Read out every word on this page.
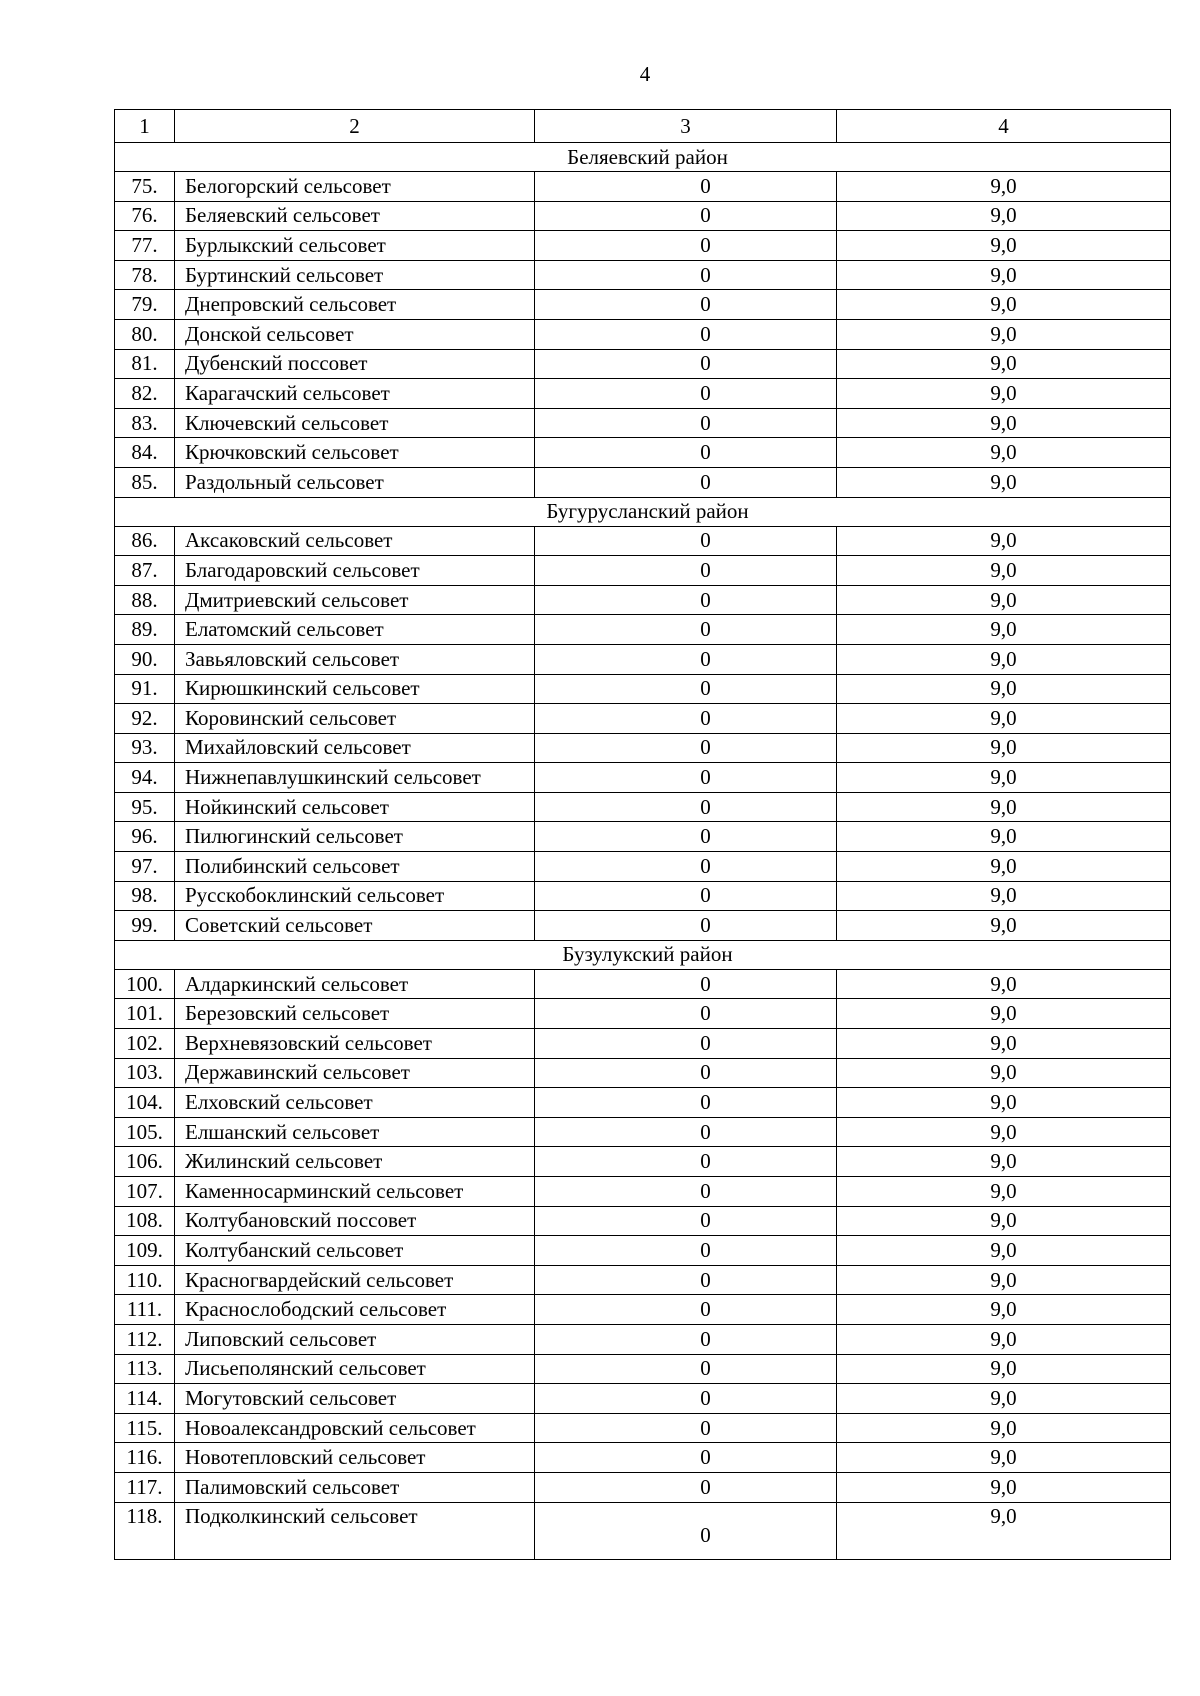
4
1	2	3	4
Беляевский район			
75.	Белогорский сельсовет	0	9,0
76.	Беляевский сельсовет	0	9,0
77.	Бурлыкский сельсовет	0	9,0
78.	Буртинский сельсовет	0	9,0
79.	Днепровский сельсовет	0	9,0
80.	Донской сельсовет	0	9,0
81.	Дубенский поссовет	0	9,0
82.	Карагачский сельсовет	0	9,0
83.	Ключевский сельсовет	0	9,0
84.	Крючковский сельсовет	0	9,0
85.	Раздольный сельсовет	0	9,0
Бугурусланский район			
86.	Аксаковский сельсовет	0	9,0
87.	Благодаровский сельсовет	0	9,0
88.	Дмитриевский сельсовет	0	9,0
89.	Елатомский сельсовет	0	9,0
90.	Завьяловский сельсовет	0	9,0
91.	Кирюшкинский сельсовет	0	9,0
92.	Коровинский сельсовет	0	9,0
93.	Михайловский сельсовет	0	9,0
94.	Нижнепавлушкинский сельсовет	0	9,0
95.	Нойкинский сельсовет	0	9,0
96.	Пилюгинский сельсовет	0	9,0
97.	Полибинский сельсовет	0	9,0
98.	Русскобоклинский сельсовет	0	9,0
99.	Советский сельсовет	0	9,0
Бузулукский район			
100.	Алдаркинский сельсовет	0	9,0
101.	Березовский сельсовет	0	9,0
102.	Верхневязовский сельсовет	0	9,0
103.	Державинский сельсовет	0	9,0
104.	Елховский сельсовет	0	9,0
105.	Елшанский сельсовет	0	9,0
106.	Жилинский сельсовет	0	9,0
107.	Каменносарминский сельсовет	0	9,0
108.	Колтубановский поссовет	0	9,0
109.	Колтубанский сельсовет	0	9,0
110.	Красногвардейский сельсовет	0	9,0
111.	Краснослободский сельсовет	0	9,0
112.	Липовский сельсовет	0	9,0
113.	Лисьеполянский сельсовет	0	9,0
114.	Могутовский сельсовет	0	9,0
115.	Новоалександровский сельсовет	0	9,0
116.	Новотепловский сельсовет	0	9,0
117.	Палимовский сельсовет	0	9,0
118.	Подколкинский сельсовет	0	9,0
